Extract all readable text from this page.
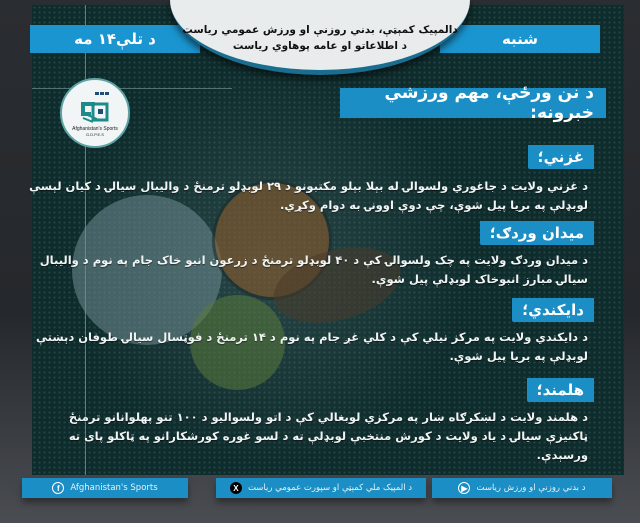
د تلې۱۴ مه	شنبه
دالمپيک کمېټې، بدني روزنې او ورزش عمومي رياست
د اطلاعاتو او عامه پوهاوي رياست
Afghanistan's Sports
G.D.P.E.S
د نن ورځې، مهم ورزشي خبرونه:
غزني؛
د غزني ولايت د جاغوري ولسوالۍ له بېلا بېلو مکتبونو د ۲۹ لوبډلو ترمنځ د واليبال سيالۍ د کيان لېسې لوبډلې په بريا پيل شوې، چې دوې اوونۍ به دوام وکړي.
ميدان وردګ؛
د ميدان وردګ ولايت په چک ولسوالۍ کې د ۴۰ لوبډلو ترمنځ د زرعون انبو خاک جام په نوم د واليبال سيالۍ مبارز انبوخاک لوبډلې پيل شوې.
دايکندي؛
د دايکندي ولايت په مرکز نيلي کې د کلي غږ جام په نوم د ۱۴ ترمنځ د فوټسال سيالۍ طوفان دېښتې لوبډلې په بريا پيل شوې.
هلمند؛
د هلمند ولايت د لښکرګاه ښار په مرکزي لوبغالي کې د اتو ولسواليو د ۱۰۰ تنو پهلوانانو ترمنځ ټاکنيزې سيالۍ د ياد ولايت د کورش منتخبې لوبډلې ته د لسو غوره کورشکارانو په ټاکلو پای ته ورسېدې.
f	Afghanistan's Sports	X	د المپيک ملي کمېټې او سپورت عمومي رياست	▶	د بدني روزنې او ورزش رياست
